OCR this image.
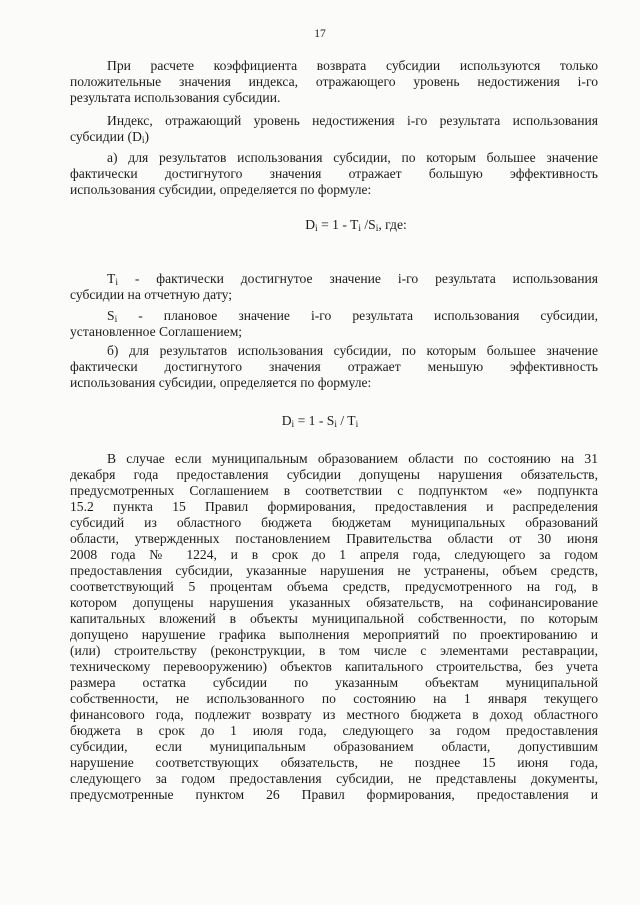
17
При расчете коэффициента возврата субсидии используются только
положительные значения индекса, отражающего уровень недостижения i-го
результата использования субсидии.
Индекс, отражающий уровень недостижения i-го результата использования
субсидии $(D_i)$
а) для результатов использования субсидии, по которым большее значение
фактически достигнутого значения отражает большую эффективность
использования субсидии, определяется по формуле:
$D_i = 1 - T_i$ $/S_i$, где:
$T_i$ - фактически достигнутое значение i-го результата использования
субсидии на отчетную дату;
$S_i$ - плановое значение i-го результата использования субсидии,
установленное Соглашением;
б) для результатов использования субсидии, по которым большее значение
фактически достигнутого значения отражает меньшую эффективность
использования субсидии, определяется по формуле:
$D_i = 1 - S_i / T_i$
В случае если муниципальным образованием области по состоянию на 31
декабря года предоставления субсидии допущены нарушения обязательств,
предусмотренных Соглашением в соответствии с подпунктом «е» подпункта
15.2 пункта 15 Правил формирования, предоставления и распределения
субсидий из областного бюджета бюджетам муниципальных образований
области, утвержденных постановлением Правительства области от 30 июня
2008 года № 1224, и в срок до 1 апреля года, следующего за годом
предоставления субсидии, указанные нарушения не устранены, объем средств,
соответствующий 5 процентам объема средств, предусмотренного на год, в
котором допущены нарушения указанных обязательств, на софинансирование
капитальных вложений в объекты муниципальной собственности, по которым
допущено нарушение графика выполнения мероприятий по проектированию и
(или) строительству (реконструкции, в том числе с элементами реставрации,
техническому перевооружению) объектов капитального строительства, без учета
размера остатка субсидии по указанным объектам муниципальной
собственности, не использованного по состоянию на 1 января текущего
финансового года, подлежит возврату из местного бюджета в доход областного
бюджета в срок до 1 июля года, следующего за годом предоставления
субсидии, если муниципальным образованием области, допустившим
нарушение соответствующих обязательств, не позднее 15 июня года,
следующего за годом предоставления субсидии, не представлены документы,
предусмотренные пунктом 26 Правил формирования, предоставления и
